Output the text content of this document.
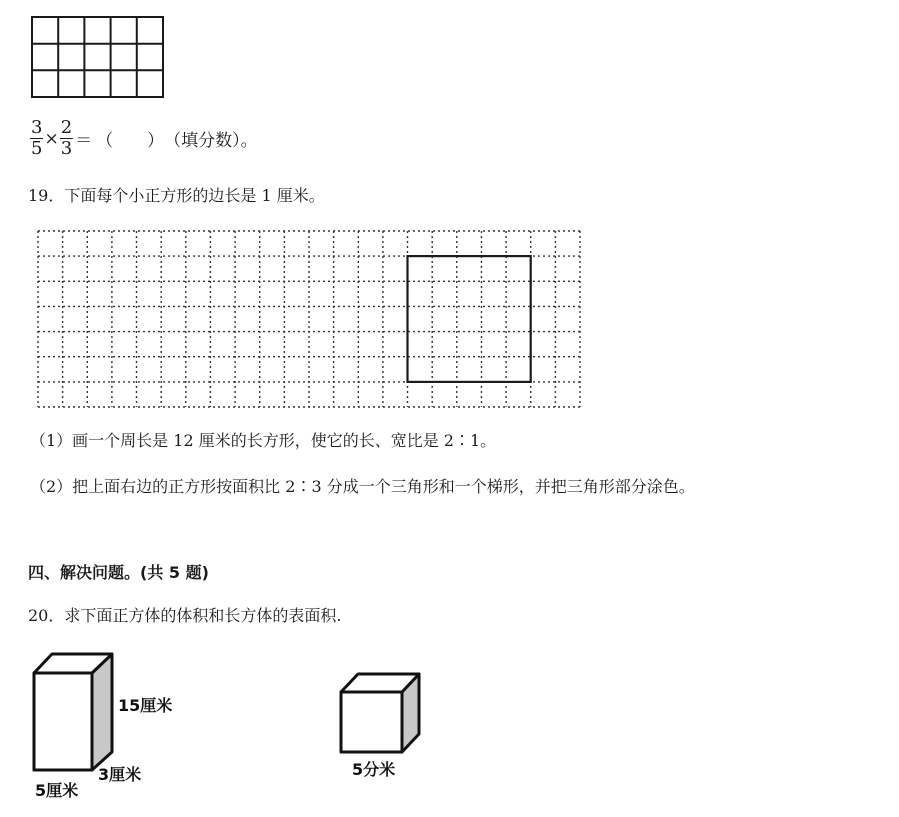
$\frac{3}{5} \times \frac{2}{3}$ ＝ （　　） （填分数）。
19．下面每个小正方形的边长是 1 厘米。
（1）画一个周长是 12 厘米的长方形，使它的长、宽比是 2∶1。
（2）把上面右边的正方形按面积比 2∶3 分成一个三角形和一个梯形，并把三角形部分涂色。
四、解决问题。(共 5 题)
20．求下面正方体的体积和长方体的表面积.
15厘米
3厘米
5厘米
5分米
